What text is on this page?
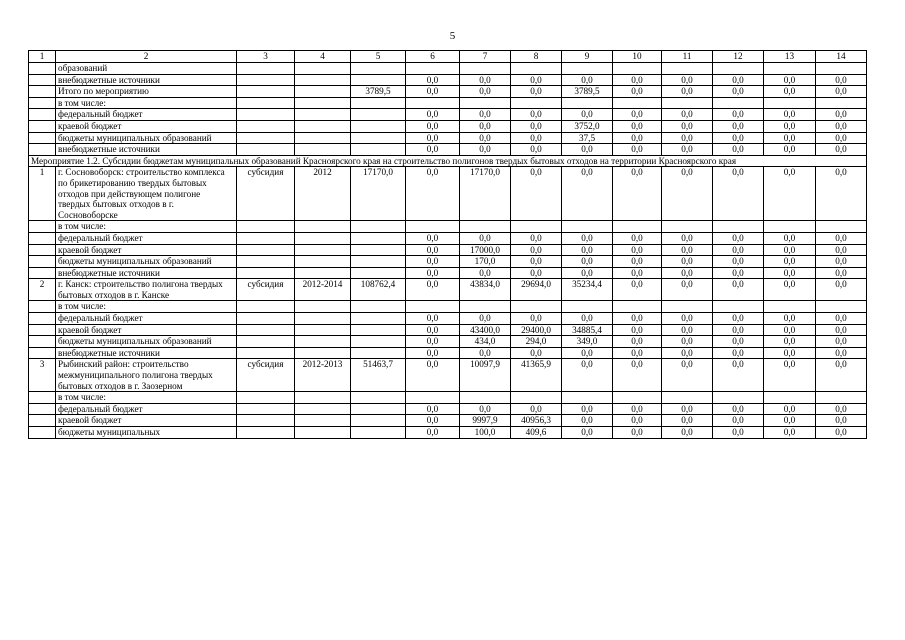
5
1	2	3	4	5	6	7	8	9	10	11	12	13	14
	образований												
	внебюджетные источники				0,0	0,0	0,0	0,0	0,0	0,0	0,0	0,0	0,0
	Итого по мероприятию			3789,5	0,0	0,0	0,0	3789,5	0,0	0,0	0,0	0,0	0,0
	в том числе:												
	федеральный бюджет				0,0	0,0	0,0	0,0	0,0	0,0	0,0	0,0	0,0
	краевой бюджет				0,0	0,0	0,0	3752,0	0,0	0,0	0,0	0,0	0,0
	бюджеты муниципальных образований				0,0	0,0	0,0	37,5	0,0	0,0	0,0	0,0	0,0
	внебюджетные источники				0,0	0,0	0,0	0,0	0,0	0,0	0,0	0,0	0,0
Мероприятие 1.2. Субсидии бюджетам муниципальных образований Красноярского края на строительство полигонов твердых бытовых отходов на территории Красноярского края													
1	г. Сосновоборск: строительство комплекса по брикетированию твердых бытовых отходов при действующем полигоне твердых бытовых отходов в г. Сосновоборске	субсидия	2012	17170,0	0,0	17170,0	0,0	0,0	0,0	0,0	0,0	0,0	0,0
	в том числе:												
	федеральный бюджет				0,0	0,0	0,0	0,0	0,0	0,0	0,0	0,0	0,0
	краевой бюджет				0,0	17000,0	0,0	0,0	0,0	0,0	0,0	0,0	0,0
	бюджеты муниципальных образований				0,0	170,0	0,0	0,0	0,0	0,0	0,0	0,0	0,0
	внебюджетные источники				0,0	0,0	0,0	0,0	0,0	0,0	0,0	0,0	0,0
2	г. Канск: строительство полигона твердых бытовых отходов в г. Канске	субсидия	2012-2014	108762,4	0,0	43834,0	29694,0	35234,4	0,0	0,0	0,0	0,0	0,0
	в том числе:												
	федеральный бюджет				0,0	0,0	0,0	0,0	0,0	0,0	0,0	0,0	0,0
	краевой бюджет				0,0	43400,0	29400,0	34885,4	0,0	0,0	0,0	0,0	0,0
	бюджеты муниципальных образований				0,0	434,0	294,0	349,0	0,0	0,0	0,0	0,0	0,0
	внебюджетные источники				0,0	0,0	0,0	0,0	0,0	0,0	0,0	0,0	0,0
3	Рыбинский район: строительство межмуниципального полигона твердых бытовых отходов в г. Заозерном	субсидия	2012-2013	51463,7	0,0	10097,9	41365,9	0,0	0,0	0,0	0,0	0,0	0,0
	в том числе:												
	федеральный бюджет				0,0	0,0	0,0	0,0	0,0	0,0	0,0	0,0	0,0
	краевой бюджет				0,0	9997,9	40956,3	0,0	0,0	0,0	0,0	0,0	0,0
	бюджеты муниципальных				0,0	100,0	409,6	0,0	0,0	0,0	0,0	0,0	0,0
